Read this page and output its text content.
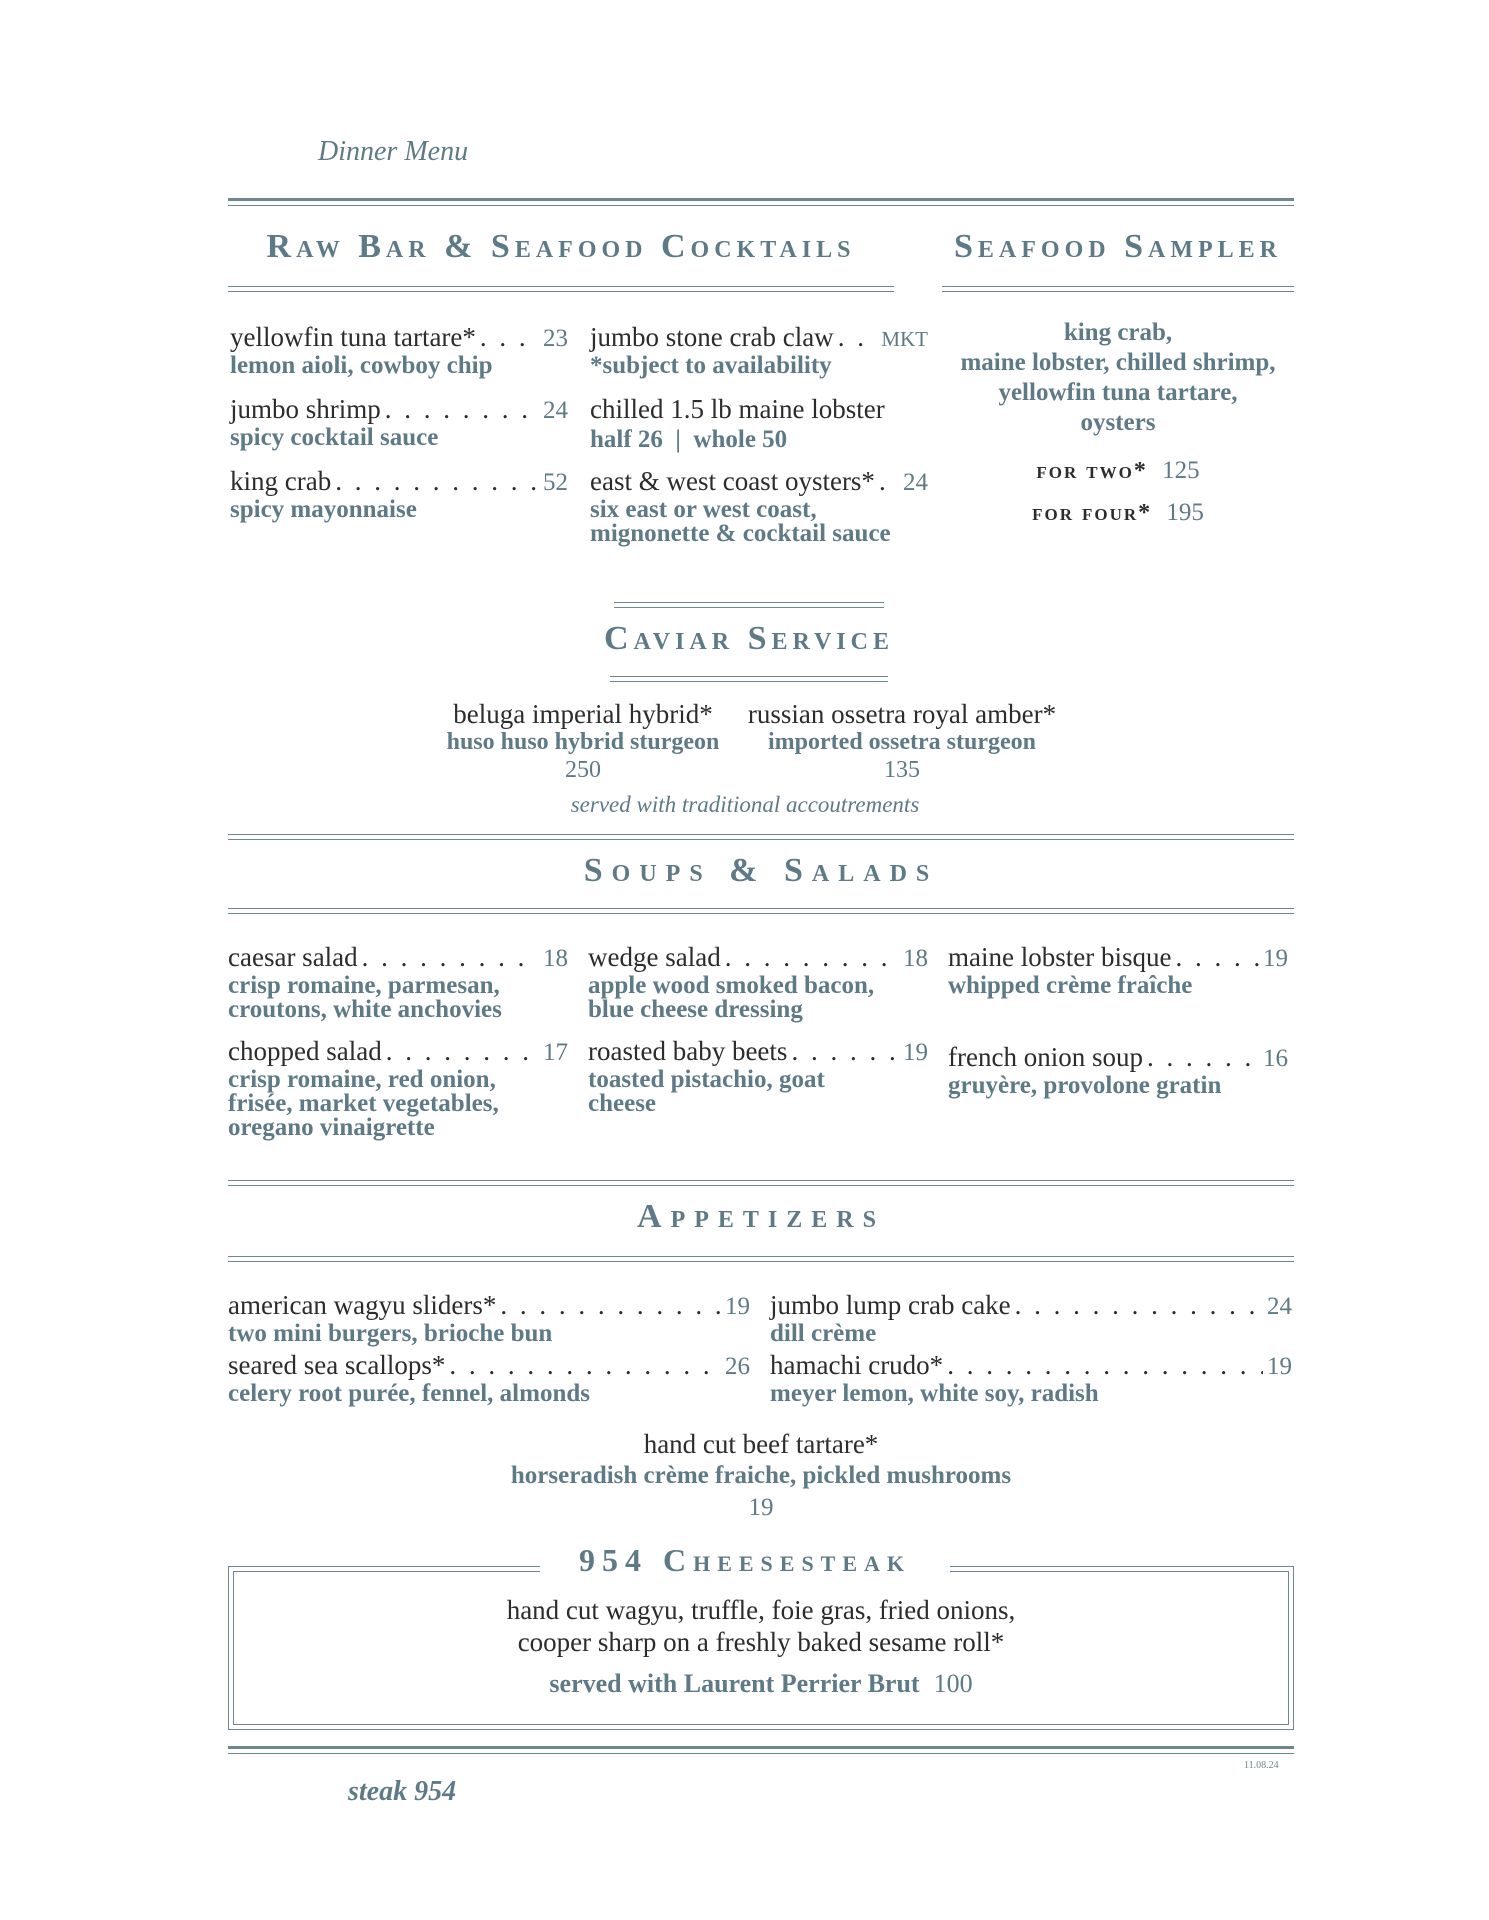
Dinner Menu
Raw Bar & Seafood Cocktails	Seafood Sampler
yellowfin tuna tartare* . . .	23
lemon aioli, cowboy chip
jumbo shrimp . . .	24
spicy cocktail sauce
king crab . . .	52
spicy mayonnaise
jumbo stone crab claw . . . MKT
*subject to availability
chilled 1.5 lb maine lobster
half 26  |  whole 50
east & west coast oysters* . . . 24
six east or west coast,
mignonette & cocktail sauce
king crab,
maine lobster, chilled shrimp,
yellowfin tuna tartare,
oysters
for two* 125
for four* 195
Caviar Service
beluga imperial hybrid*
huso huso hybrid sturgeon
250
russian ossetra royal amber*
imported ossetra sturgeon
135
served with traditional accoutrements
Soups & Salads
caesar salad . . .	18
crisp romaine, parmesan,
croutons, white anchovies
wedge salad . . .	18
apple wood smoked bacon,
blue cheese dressing
maine lobster bisque . . .	19
whipped crème fraîche
chopped salad . . .	17
crisp romaine, red onion,
frisée, market vegetables,
oregano vinaigrette
roasted baby beets . . .	19
toasted pistachio, goat
cheese
french onion soup . . .	16
gruyère, provolone gratin
Appetizers
american wagyu sliders* . . .	19
two mini burgers, brioche bun
jumbo lump crab cake . . .	24
dill crème
seared sea scallops* . . .	26
celery root purée, fennel, almonds
hamachi crudo* . . .	19
meyer lemon, white soy, radish
hand cut beef tartare*
horseradish crème fraiche, pickled mushrooms
19
954 Cheesesteak
hand cut wagyu, truffle, foie gras, fried onions,
cooper sharp on a freshly baked sesame roll*
served with Laurent Perrier Brut 100
11.08.24
steak 954
